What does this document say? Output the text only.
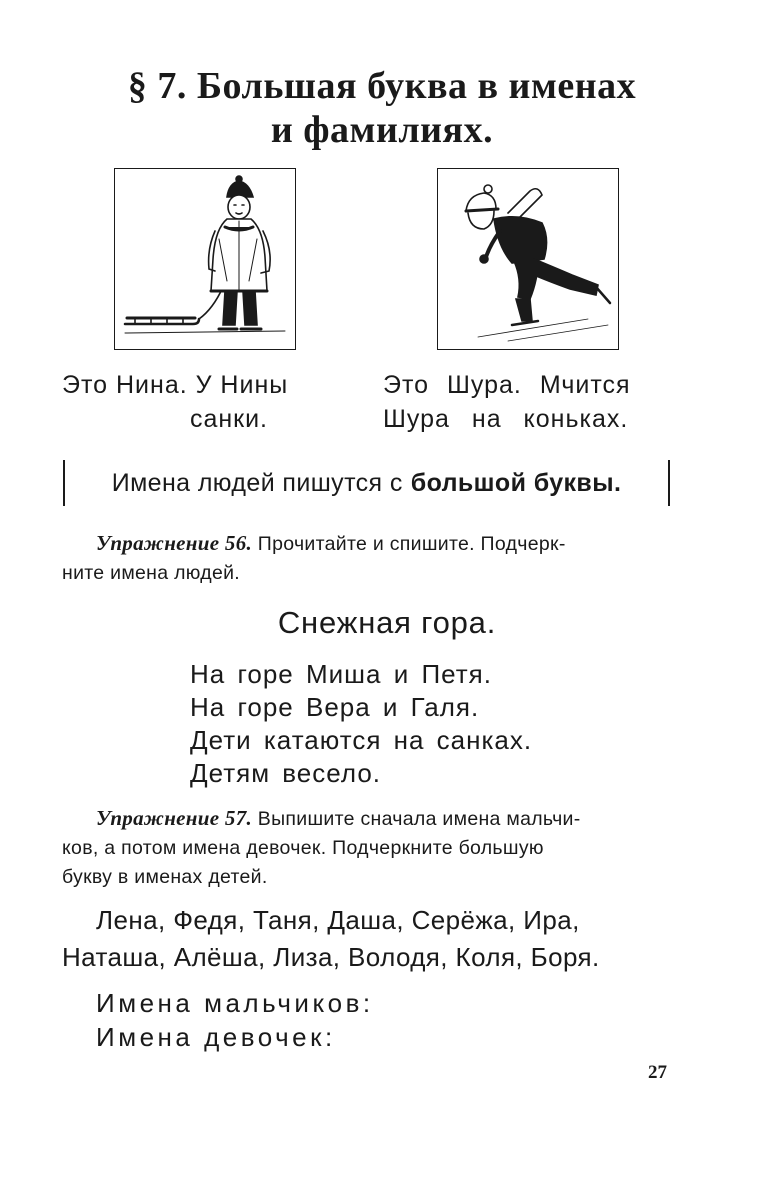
§ 7. Большая буква в именах
и фамилиях.
Это Нина. У Нины
санки.
Это Шура. Мчится
Шура на коньках.
Имена людей пишутся с большой буквы.
Упражнение 56. Прочитайте и спишите. Подчерк-
ните имена людей.
Снежная гора.
На горе Миша и Петя.
На горе Вера и Галя.
Дети катаются на санках.
Детям весело.
Упражнение 57. Выпишите сначала имена мальчи-
ков, а потом имена девочек. Подчеркните большую
букву в именах детей.
Лена, Федя, Таня, Даша, Серёжа, Ира,
Наташа, Алёша, Лиза, Володя, Коля, Боря.
Имена мальчиков:
Имена девочек:
27
